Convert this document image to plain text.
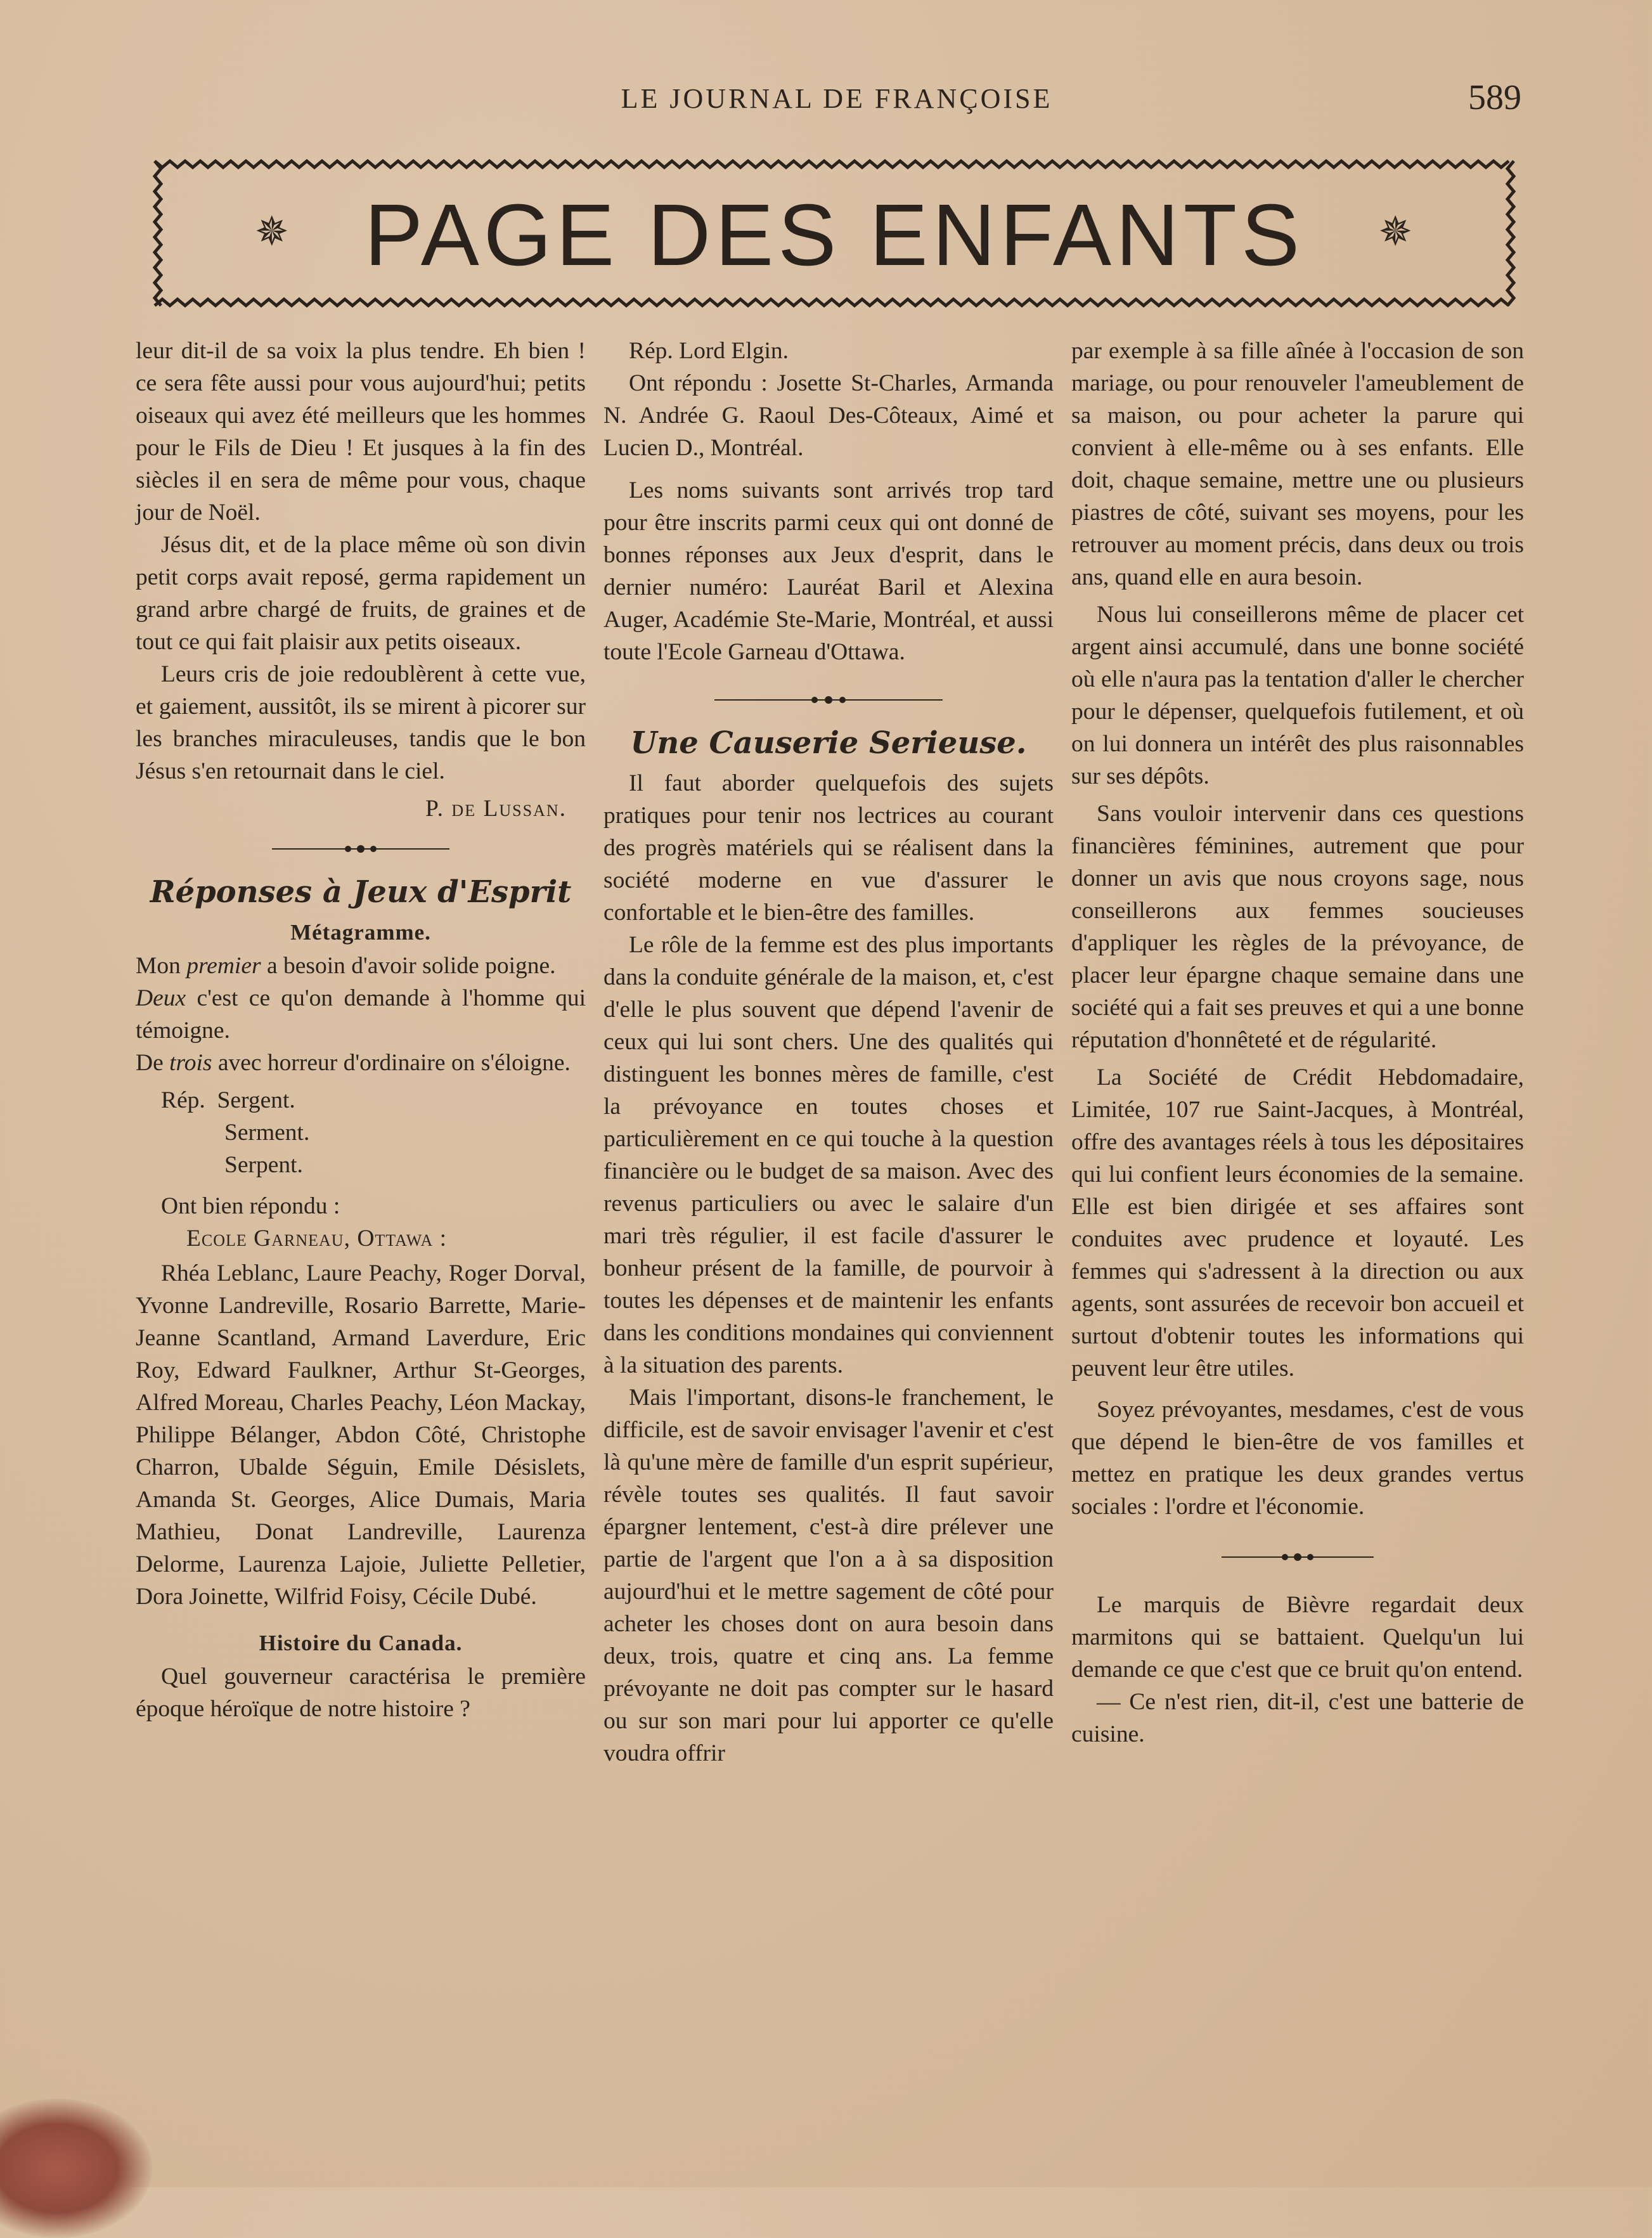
LE JOURNAL DE FRANÇOISE	589
✵ PAGE DES ENFANTS	✵

leur dit-il de sa voix la plus tendre. Eh bien ! ce sera fête aussi pour vous aujourd'hui; petits oiseaux qui avez été meilleurs que les hommes pour le Fils de Dieu ! Et jusques à la fin des siècles il en sera de même pour vous, chaque jour de Noël.

Jésus dit, et de la place même où son divin petit corps avait reposé, germa rapidement un grand arbre chargé de fruits, de graines et de tout ce qui fait plaisir aux petits oiseaux.

Leurs cris de joie redoublèrent à cette vue, et gaiement, aussitôt, ils se mirent à picorer sur les branches miraculeuses, tandis que le bon Jésus s'en retournait dans le ciel.

P. de Lussan.
Réponses à Jeux d'Esprit
Métagramme.

Mon premier a besoin d'avoir solide poigne.

Deux c'est ce qu'on demande à l'homme qui témoigne.

De trois avec horreur d'ordinaire on s'éloigne.

Rép. Sergent.
Serment.
Serpent.

Ont bien répondu :

Ecole Garneau, Ottawa :

Rhéa Leblanc, Laure Peachy, Roger Dorval, Yvonne Landreville, Rosario Barrette, Marie-Jeanne Scantland, Armand Laverdure, Eric Roy, Edward Faulkner, Arthur St-Georges, Alfred Moreau, Charles Peachy, Léon Mackay, Philippe Bélanger, Abdon Côté, Christophe Charron, Ubalde Séguin, Emile Désislets, Amanda St. Georges, Alice Dumais, Maria Mathieu, Donat Landreville, Laurenza Delorme, Laurenza Lajoie, Juliette Pelletier, Dora Joinette, Wilfrid Foisy, Cécile Dubé.

Histoire du Canada.

Quel gouverneur caractérisa le première époque héroïque de notre histoire ?

Rép. Lord Elgin.

Ont répondu : Josette St-Charles, Armanda N. Andrée G. Raoul Des-Côteaux, Aimé et Lucien D., Montréal.

Les noms suivants sont arrivés trop tard pour être inscrits parmi ceux qui ont donné de bonnes réponses aux Jeux d'esprit, dans le dernier numéro: Lauréat Baril et Alexina Auger, Académie Ste-Marie, Montréal, et aussi toute l'Ecole Garneau d'Ottawa.

Une Causerie Serieuse.

Il faut aborder quelquefois des sujets pratiques pour tenir nos lectrices au courant des progrès matériels qui se réalisent dans la société moderne en vue d'assurer le confortable et le bien-être des familles.

Le rôle de la femme est des plus importants dans la conduite générale de la maison, et, c'est d'elle le plus souvent que dépend l'avenir de ceux qui lui sont chers. Une des qualités qui distinguent les bonnes mères de famille, c'est la prévoyance en toutes choses et particulièrement en ce qui touche à la question financière ou le budget de sa maison. Avec des revenus particuliers ou avec le salaire d'un mari très régulier, il est facile d'assurer le bonheur présent de la famille, de pourvoir à toutes les dépenses et de maintenir les enfants dans les conditions mondaines qui conviennent à la situation des parents.

Mais l'important, disons-le franchement, le difficile, est de savoir envisager l'avenir et c'est là qu'une mère de famille d'un esprit supérieur, révèle toutes ses qualités. Il faut savoir épargner lentement, c'est-à dire prélever une partie de l'argent que l'on a à sa disposition aujourd'hui et le mettre sagement de côté pour acheter les choses dont on aura besoin dans deux, trois, quatre et cinq ans. La femme prévoyante ne doit pas compter sur le hasard ou sur son mari pour lui apporter ce qu'elle voudra offrir

par exemple à sa fille aînée à l'occasion de son mariage, ou pour renouveler l'ameublement de sa maison, ou pour acheter la parure qui convient à elle-même ou à ses enfants. Elle doit, chaque semaine, mettre une ou plusieurs piastres de côté, suivant ses moyens, pour les retrouver au moment précis, dans deux ou trois ans, quand elle en aura besoin.

Nous lui conseillerons même de placer cet argent ainsi accumulé, dans une bonne société où elle n'aura pas la tentation d'aller le chercher pour le dépenser, quelquefois futilement, et où on lui donnera un intérêt des plus raisonnables sur ses dépôts.

Sans vouloir intervenir dans ces questions financières féminines, autrement que pour donner un avis que nous croyons sage, nous conseillerons aux femmes soucieuses d'appliquer les règles de la prévoyance, de placer leur épargne chaque semaine dans une société qui a fait ses preuves et qui a une bonne réputation d'honnêteté et de régularité.

La Société de Crédit Hebdomadaire, Limitée, 107 rue Saint-Jacques, à Montréal, offre des avantages réels à tous les dépositaires qui lui confient leurs économies de la semaine. Elle est bien dirigée et ses affaires sont conduites avec prudence et loyauté. Les femmes qui s'adressent à la direction ou aux agents, sont assurées de recevoir bon accueil et surtout d'obtenir toutes les informations qui peuvent leur être utiles.

Soyez prévoyantes, mesdames, c'est de vous que dépend le bien-être de vos familles et mettez en pratique les deux grandes vertus sociales : l'ordre et l'économie.

Le marquis de Bièvre regardait deux marmitons qui se battaient. Quelqu'un lui demande ce que c'est que ce bruit qu'on entend.

— Ce n'est rien, dit-il, c'est une batterie de cuisine.
